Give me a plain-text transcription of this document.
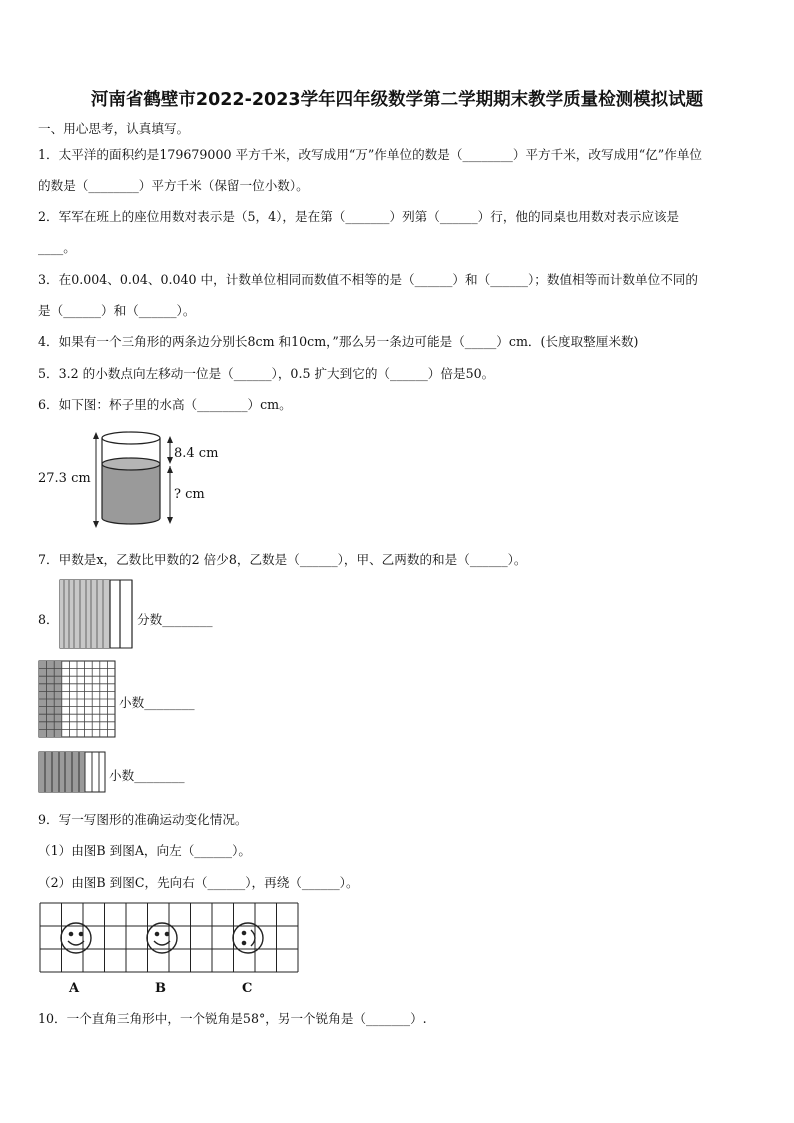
河南省鹤壁市2022-2023学年四年级数学第二学期期末教学质量检测模拟试题
一、用心思考，认真填写。
1．太平洋的面积约是179679000 平方千米，改写成用“万”作单位的数是（________）平方千米，改写成用“亿”作单位
的数是（________）平方千米（保留一位小数）。
2．军军在班上的座位用数对表示是（5，4），是在第（_______）列第（______）行，他的同桌也用数对表示应该是
____。
3．在0.004、0.04、0.040 中，计数单位相同而数值不相等的是（______）和（______）；数值相等而计数单位不同的
是（______）和（______）。
4．如果有一个三角形的两条边分别长8cm 和10cm，”那么另一条边可能是（_____）cm．(长度取整厘米数)
5．3.2 的小数点向左移动一位是（______），0.5 扩大到它的（______）倍是50。
6．如下图：杯子里的水高（________）cm。
27.3 cm
8.4 cm
? cm
7．甲数是x，乙数比甲数的2 倍少8，乙数是（______），甲、乙两数的和是（______）。
8．	分数________
小数________
小数________
9．写一写图形的准确运动变化情况。
（1）由图B 到图A，向左（______）。
（2）由图B 到图C，先向右（______），再绕（______）。
A	B	C
10．一个直角三角形中，一个锐角是58°，另一个锐角是（_______）.
